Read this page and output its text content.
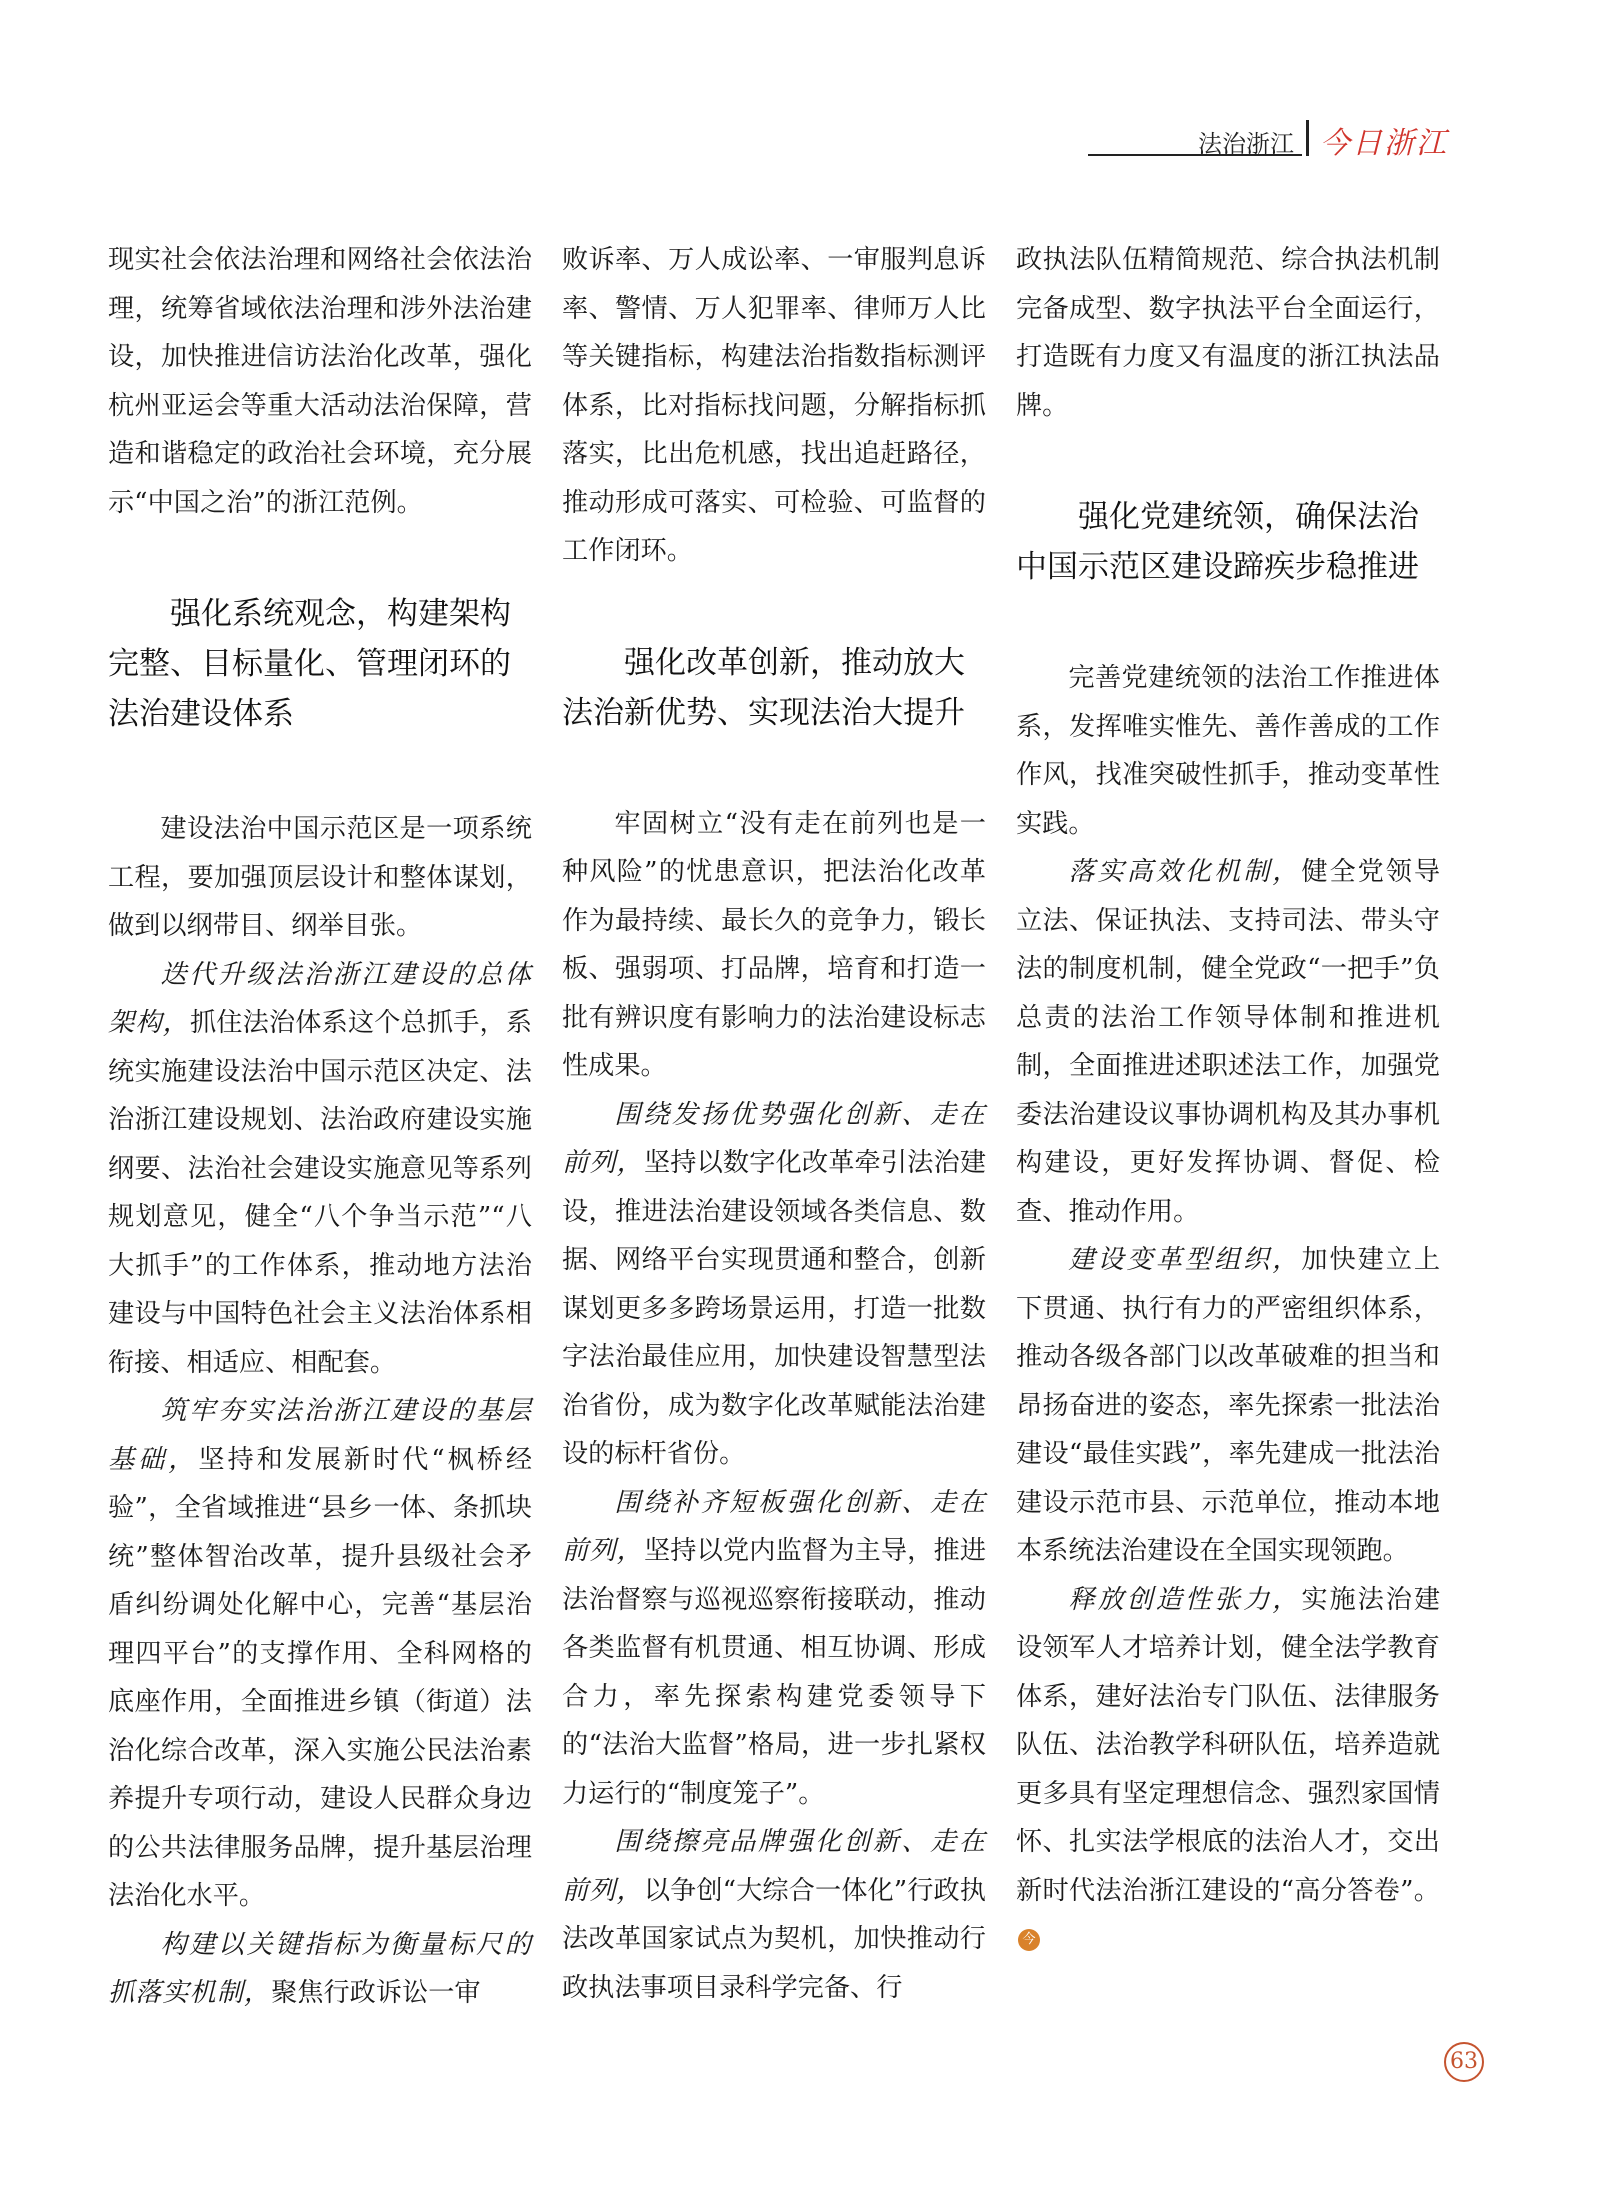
法治浙江 今日浙江

现实社会依法治理和网络社会依法治理，统筹省域依法治理和涉外法治建设，加快推进信访法治化改革，强化杭州亚运会等重大活动法治保障，营造和谐稳定的政治社会环境，充分展示“中国之治”的浙江范例。

强化系统观念，构建架构完整、目标量化、管理闭环的法治建设体系

建设法治中国示范区是一项系统工程，要加强顶层设计和整体谋划，做到以纲带目、纲举目张。

迭代升级法治浙江建设的总体架构，抓住法治体系这个总抓手，系统实施建设法治中国示范区决定、法治浙江建设规划、法治政府建设实施纲要、法治社会建设实施意见等系列规划意见，健全“八个争当示范”“八大抓手”的工作体系，推动地方法治建设与中国特色社会主义法治体系相衔接、相适应、相配套。

筑牢夯实法治浙江建设的基层基础，坚持和发展新时代“枫桥经验”，全省域推进“县乡一体、条抓块统”整体智治改革，提升县级社会矛盾纠纷调处化解中心，完善“基层治理四平台”的支撑作用、全科网格的底座作用，全面推进乡镇（街道）法治化综合改革，深入实施公民法治素养提升专项行动，建设人民群众身边的公共法律服务品牌，提升基层治理法治化水平。

构建以关键指标为衡量标尺的抓落实机制，聚焦行政诉讼一审

败诉率、万人成讼率、一审服判息诉率、警情、万人犯罪率、律师万人比等关键指标，构建法治指数指标测评体系，比对指标找问题，分解指标抓落实，比出危机感，找出追赶路径，推动形成可落实、可检验、可监督的工作闭环。

强化改革创新，推动放大法治新优势、实现法治大提升

牢固树立“没有走在前列也是一种风险”的忧患意识，把法治化改革作为最持续、最长久的竞争力，锻长板、强弱项、打品牌，培育和打造一批有辨识度有影响力的法治建设标志性成果。

围绕发扬优势强化创新、走在前列，坚持以数字化改革牵引法治建设，推进法治建设领域各类信息、数据、网络平台实现贯通和整合，创新谋划更多多跨场景运用，打造一批数字法治最佳应用，加快建设智慧型法治省份，成为数字化改革赋能法治建设的标杆省份。

围绕补齐短板强化创新、走在前列，坚持以党内监督为主导，推进法治督察与巡视巡察衔接联动，推动各类监督有机贯通、相互协调、形成合力，率先探索构建党委领导下的“法治大监督”格局，进一步扎紧权力运行的“制度笼子”。

围绕擦亮品牌强化创新、走在前列，以争创“大综合一体化”行政执法改革国家试点为契机，加快推动行政执法事项目录科学完备、行

政执法队伍精简规范、综合执法机制完备成型、数字执法平台全面运行，打造既有力度又有温度的浙江执法品牌。

强化党建统领，确保法治中国示范区建设蹄疾步稳推进

完善党建统领的法治工作推进体系，发挥唯实惟先、善作善成的工作作风，找准突破性抓手，推动变革性实践。

落实高效化机制，健全党领导立法、保证执法、支持司法、带头守法的制度机制，健全党政“一把手”负总责的法治工作领导体制和推进机制，全面推进述职述法工作，加强党委法治建设议事协调机构及其办事机构建设，更好发挥协调、督促、检查、推动作用。

建设变革型组织，加快建立上下贯通、执行有力的严密组织体系，推动各级各部门以改革破难的担当和昂扬奋进的姿态，率先探索一批法治建设“最佳实践”，率先建成一批法治建设示范市县、示范单位，推动本地本系统法治建设在全国实现领跑。

释放创造性张力，实施法治建设领军人才培养计划，健全法学教育体系，建好法治专门队伍、法律服务队伍、法治教学科研队伍，培养造就更多具有坚定理想信念、强烈家国情怀、扎实法学根底的法治人才，交出新时代法治浙江建设的“高分答卷”。今

63
